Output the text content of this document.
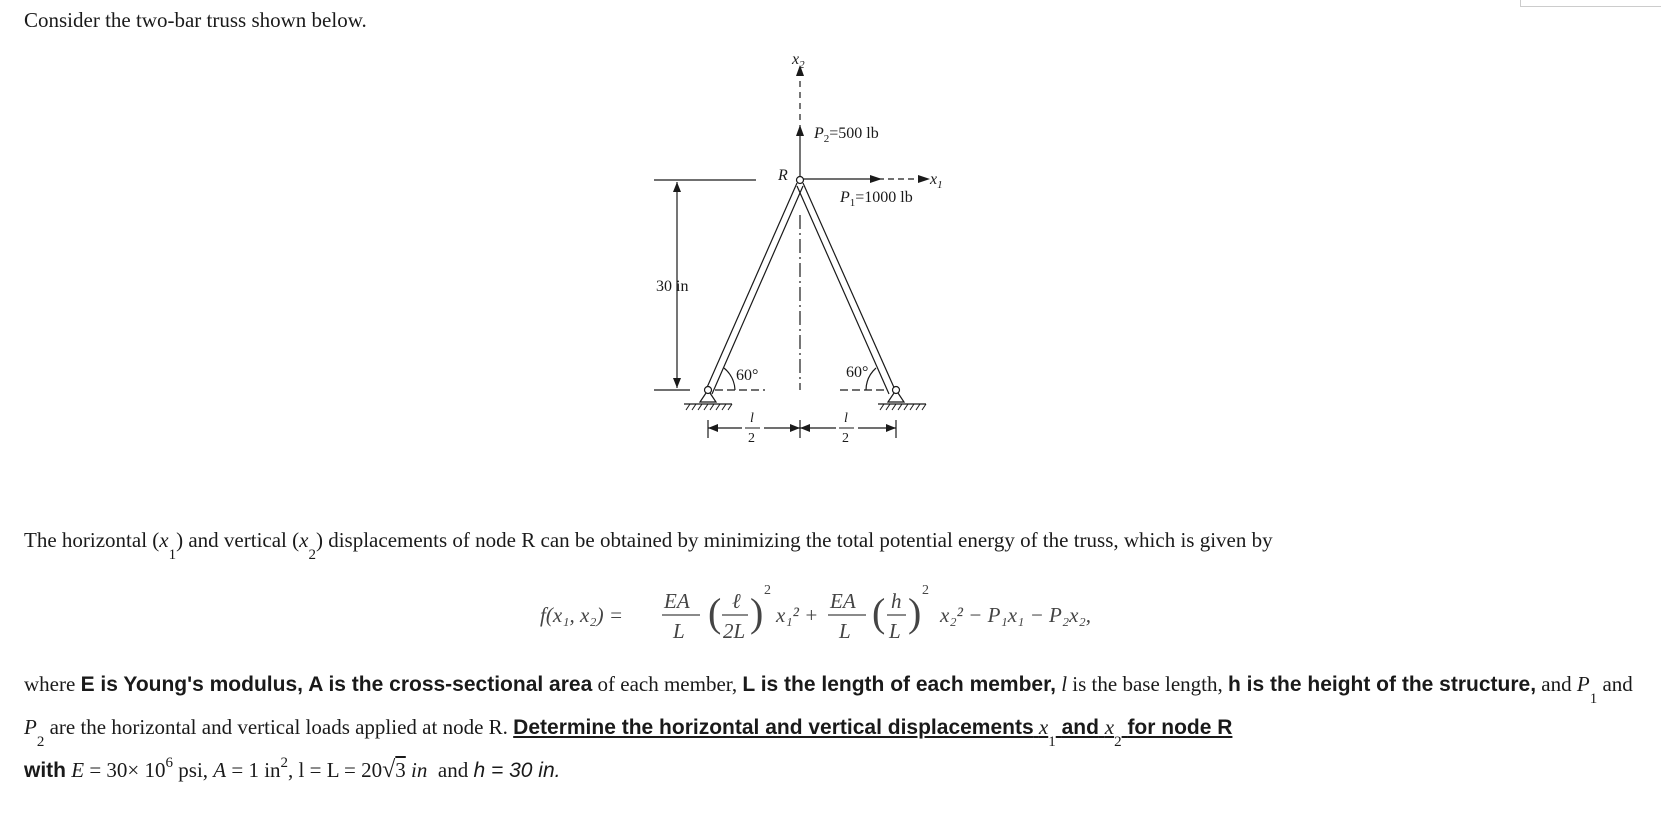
Consider the two-bar truss shown below.
$x_2$
$P_2=500$ lb
R	$x_1$
$P_1=1000$ lb
30 in
60°	60°
l
2
l
2
The horizontal $(x_1)$ and vertical $(x_2)$ displacements of node R can be obtained by minimizing the total potential energy of the truss, which is given by
f(x₁, x₂) =
EA
L ( ℓ
2L ) 2
x₁² +
EA
L ( h
L ) 2
x₂² − P₁x₁ − P₂x₂,
where E is Young's modulus, A is the cross-sectional area of each member, L is the length of each member, l is the base length, h is the height of the structure, and $P_1$ and $P_2$ are the horizontal and vertical loads applied at node R. Determine the horizontal and vertical displacements $x_1$ and $x_2$ for node R
with $E = 30\times 10^6$ psi, A = 1 $in^2$, l = L = 20√3 in and h = 30 in.
